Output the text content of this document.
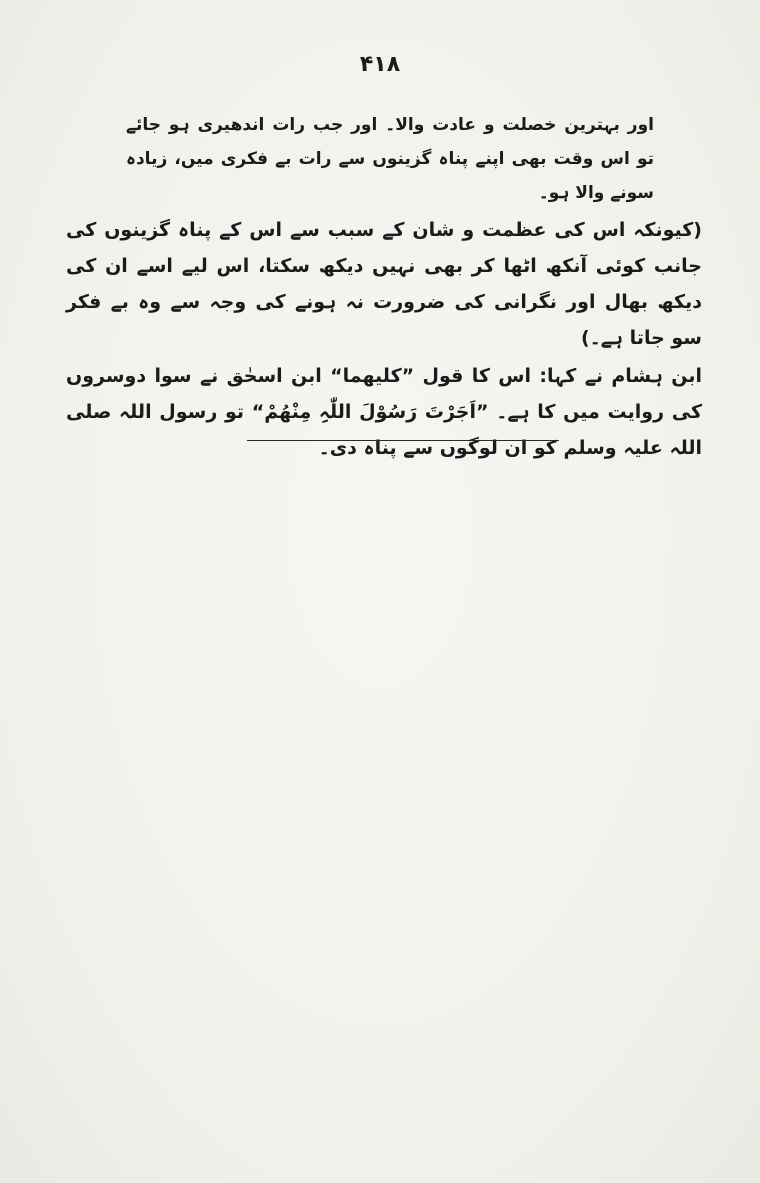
۴۱۸

اور بہترین خصلت و عادت والا۔ اور جب رات اندھیری ہو جائے تو اس وقت بھی اپنے پناہ گزینوں سے رات بے فکری میں، زیادہ سونے والا ہو۔

(کیونکہ اس کی عظمت و شان کے سبب سے اس کے پناہ گزینوں کی جانب کوئی آنکھ اٹھا کر بھی نہیں دیکھ سکتا، اس لیے اسے ان کی دیکھ بھال اور نگرانی کی ضرورت نہ ہونے کی وجہ سے وہ بے فکر سو جاتا ہے۔)

ابن ہشام نے کہا: اس کا قول ”کلیھما“ ابن اسحٰق نے سوا دوسروں کی روایت میں کا ہے۔ ”اَجَرْتَ رَسُوْلَ اللّٰہِ مِنْھُمْ“ تو رسول اللہ صلی اللہ علیہ وسلم کو ان لوگوں سے پناہ دی۔
